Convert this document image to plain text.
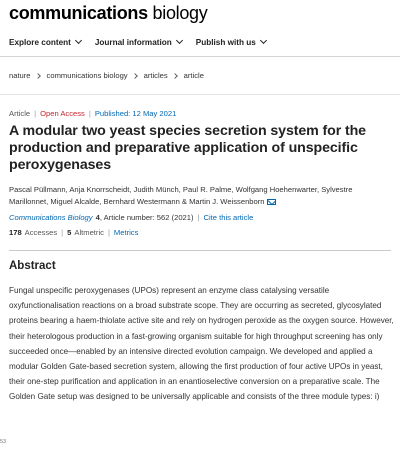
communications biology
Explore content	Journal information	Publish with us
nature communications biology articles article
Article | Open Access | Published: 12 May 2021
A modular two yeast species secretion system for the production and preparative application of unspecific peroxygenases
Pascal Püllmann, Anja Knorrscheidt, Judith Münch, Paul R. Palme, Wolfgang Hoehenwarter, Sylvestre Marillonnet, Miguel Alcalde, Bernhard Westermann & Martin J. Weissenborn
Communications Biology 4, Article number: 562 (2021) | Cite this article
178 Accesses | 5 Altmetric | Metrics
Abstract

Fungal unspecific peroxygenases (UPOs) represent an enzyme class catalysing versatile oxyfunctionalisation reactions on a broad substrate scope. They are occurring as secreted, glycosylated proteins bearing a haem-thiolate active site and rely on hydrogen peroxide as the oxygen source. However, their heterologous production in a fast-growing organism suitable for high throughput screening has only succeeded once—enabled by an intensive directed evolution campaign. We developed and applied a modular Golden Gate-based secretion system, allowing the first production of four active UPOs in yeast, their one-step purification and application in an enantioselective conversion on a preparative scale. The Golden Gate setup was designed to be universally applicable and consists of the three module types: i)

53
